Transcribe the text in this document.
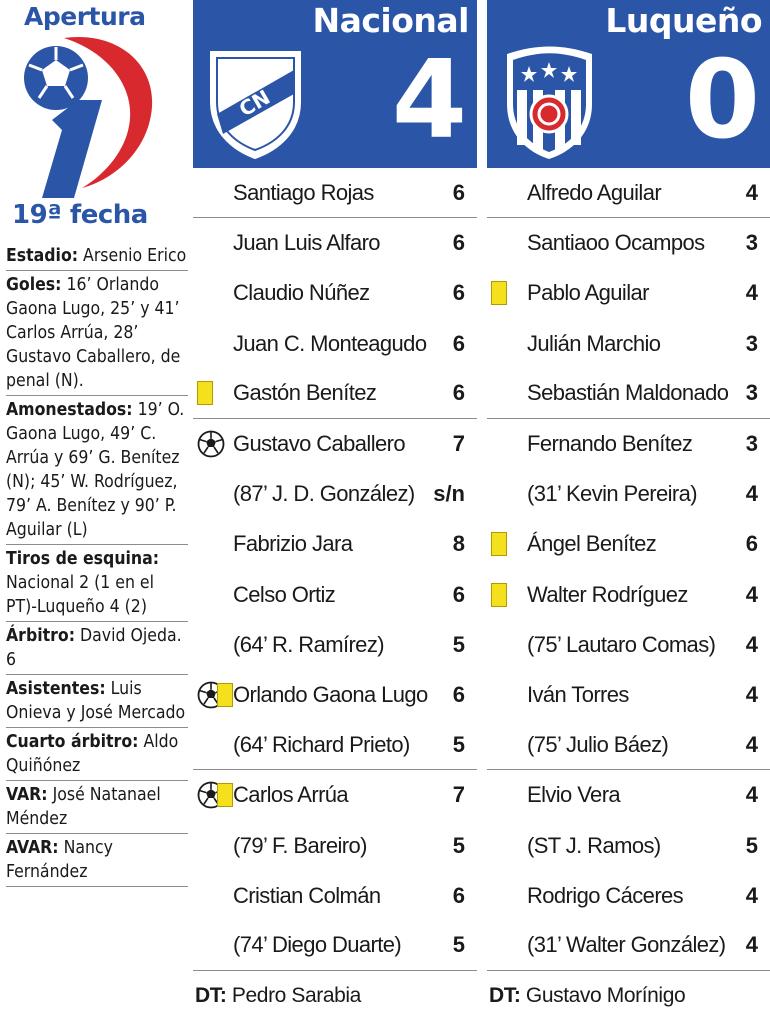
Apertura
19ª fecha
Estadio: Arsenio Erico
Goles: 16’ Orlando Gaona Lugo, 25’ y 41’ Carlos Arrúa, 28’ Gustavo Caballero, de penal (N).
Amonestados: 19’ O. Gaona Lugo, 49’ C. Arrúa y 69’ G. Benítez (N); 45’ W. Rodríguez, 79’ A. Benítez y 90’ P. Aguilar (L)
Tiros de esquina: Nacional 2 (1 en el PT)-Luqueño 4 (2)
Árbitro: David Ojeda. 6
Asistentes: Luis Onieva y José Mercado
Cuarto árbitro: Aldo Quiñónez
VAR: José Natanael Méndez
AVAR: Nancy Fernández
CN
Nacional
4
Santiago Rojas	6
Juan Luis Alfaro	6
Claudio Núñez	6
Juan C. Monteagudo 6
Gastón Benítez	6
Gustavo Caballero 7
(87’ J. D. González) s/n
Fabrizio Jara	8
Celso Ortiz	6
(64’ R. Ramírez)	5
Orlando Gaona Lugo 6
(64’ Richard Prieto) 5
Carlos Arrúa	7
(79’ F. Bareiro)	5
Cristian Colmán	6
(74’ Diego Duarte) 5
DT: Pedro Sarabia
Luqueño
0
Alfredo Aguilar	4
Santiaoo Ocampos 3
Pablo Aguilar	4
Julián Marchio	3
Sebastián Maldonado 3
Fernando Benítez 3
(31’ Kevin Pereira) 4
Ángel Benítez	6
Walter Rodríguez	4
(75’ Lautaro Comas) 4
Iván Torres	4
(75’ Julio Báez)	4
Elvio Vera	4
(ST J. Ramos)	5
Rodrigo Cáceres	4
(31’ Walter González) 4
DT: Gustavo Morínigo
